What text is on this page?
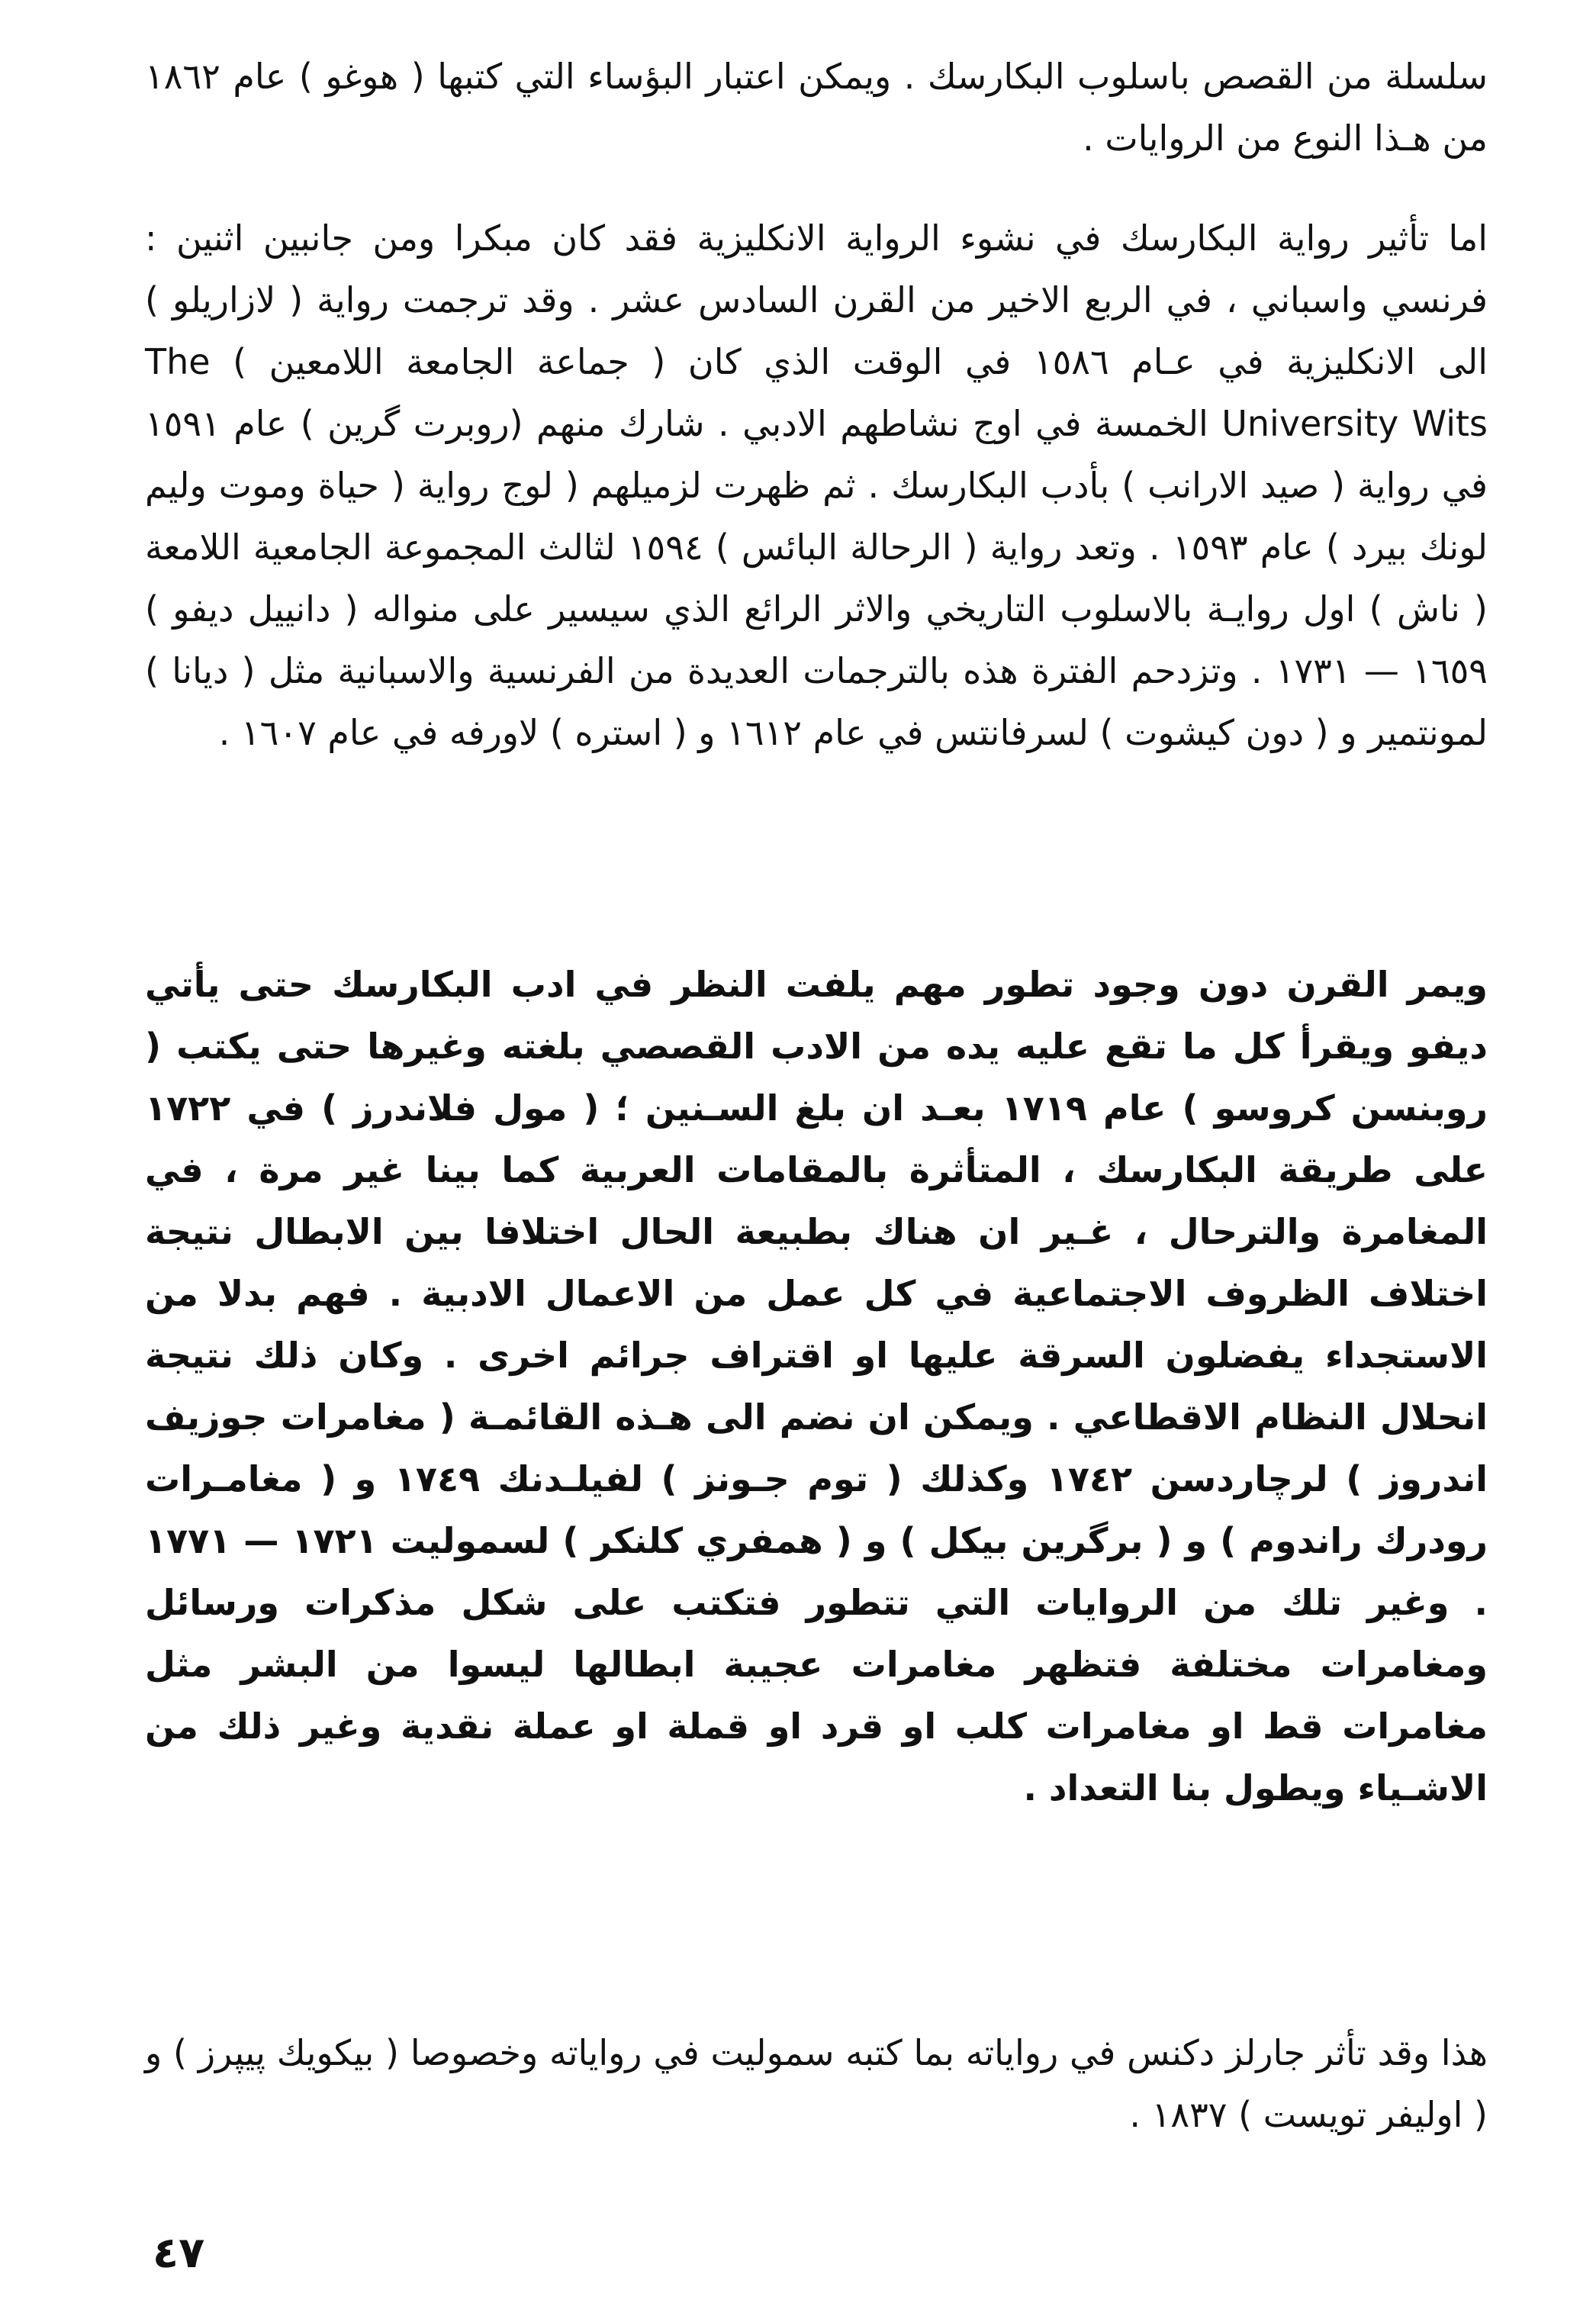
سلسلة من القصص باسلوب البكارسك . ويمكن اعتبار البؤساء التي كتبها ( هوغو ) عام ١٨٦٢ من هـذا النوع من الروايات .

اما تأثير رواية البكارسك في نشوء الرواية الانكليزية فقد كان مبكرا ومن جانبين اثنين : فرنسي واسباني ، في الربع الاخير من القرن السادس عشر . وقد ترجمت رواية ( لازاريلو ) الى الانكليزية في عـام ١٥٨٦ في الوقت الذي كان ( جماعة الجامعة اللامعين ) The University Wits الخمسة في اوج نشاطهم الادبي . شارك منهم (روبرت گرين ) عام ١٥٩١ في رواية ( صيد الارانب ) بأدب البكارسك . ثم ظهرت لزميلهم ( لوج رواية ( حياة وموت وليم لونك بيرد ) عام ١٥٩٣ . وتعد رواية ( الرحالة البائس ) ١٥٩٤ لثالث المجموعة الجامعية اللامعة ( ناش ) اول روايـة بالاسلوب التاريخي والاثر الرائع الذي سيسير على منواله ( دانييل ديفو ) ١٦٥٩ — ١٧٣١ . وتزدحم الفترة هذه بالترجمات العديدة من الفرنسية والاسبانية مثل ( ديانا ) لمونتمير و ( دون كيشوت ) لسرفانتس في عام ١٦١٢ و ( استره ) لاورفه في عام ١٦٠٧ .

ويمر القرن دون وجود تطور مهم يلفت النظر في ادب البكارسك حتى يأتي ديفو ويقرأ كل ما تقع عليه يده من الادب القصصي بلغته وغيرها حتى يكتب ( روبنسن كروسو ) عام ١٧١٩ بعـد ان بلغ السـنين ؛ ( مول فلاندرز ) في ١٧٢٢ على طريقة البكارسك ، المتأثرة بالمقامات العربية كما بينا غير مرة ، في المغامرة والترحال ، غـير ان هناك بطبيعة الحال اختلافا بين الابطال نتيجة اختلاف الظروف الاجتماعية في كل عمل من الاعمال الادبية . فهم بدلا من الاستجداء يفضلون السرقة عليها او اقتراف جرائم اخرى . وكان ذلك نتيجة انحلال النظام الاقطاعي . ويمكن ان نضم الى هـذه القائمـة ( مغامرات جوزيف اندروز ) لرچاردسن ١٧٤٢ وكذلك ( توم جـونز ) لفيلـدنك ١٧٤٩ و ( مغامـرات رودرك راندوم ) و ( برگرين بيكل ) و ( همفري كلنكر ) لسموليت ١٧٢١ — ١٧٧١ . وغير تلك من الروايات التي تتطور فتكتب على شكل مذكرات ورسائل ومغامرات مختلفة فتظهر مغامرات عجيبة ابطالها ليسوا من البشر مثل مغامرات قط او مغامرات كلب او قرد او قملة او عملة نقدية وغير ذلك من الاشـياء ويطول بنا التعداد .

هذا وقد تأثر جارلز دكنس في رواياته بما كتبه سموليت في رواياته وخصوصا ( بيكويك پيپرز ) و ( اوليفر تويست ) ١٨٣٧ .

٤٧
